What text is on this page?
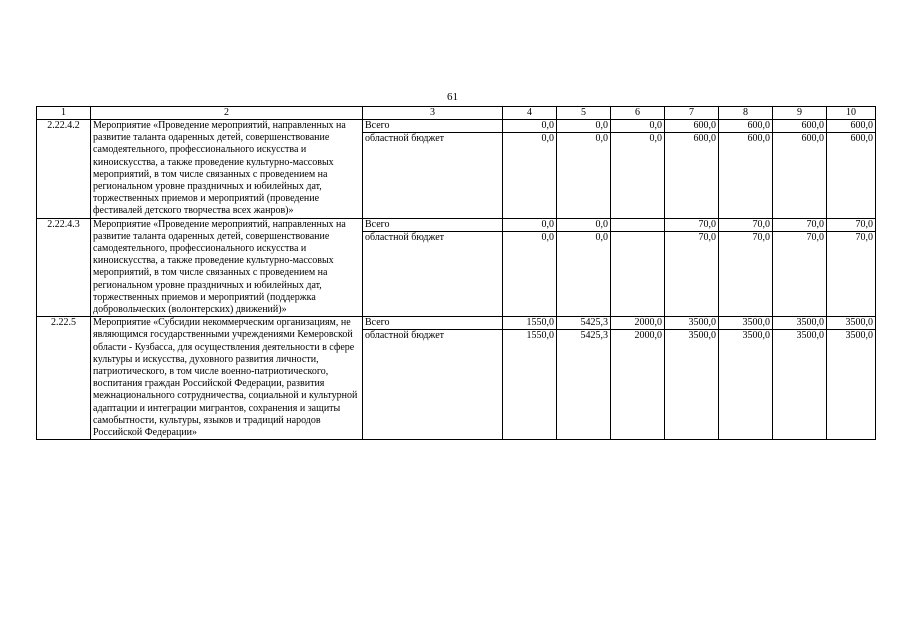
61
1	2	3	4	5	6	7	8	9	10
2.22.4.2	Мероприятие «Проведение мероприятий, направленных на развитие таланта одаренных детей, совершенствование самодеятельного, профессионального искусства и киноискусства, а также проведение культурно-массовых мероприятий, в том числе связанных с проведением на региональном уровне праздничных и юбилейных дат, торжественных приемов и мероприятий (проведение фестивалей детского творчества всех жанров)»	Всего	0,0	0,0	0,0	600,0	600,0	600,0	600,0
		областной бюджет	0,0	0,0	0,0	600,0	600,0	600,0	600,0
2.22.4.3	Мероприятие «Проведение мероприятий, направленных на развитие таланта одаренных детей, совершенствование самодеятельного, профессионального искусства и киноискусства, а также проведение культурно-массовых мероприятий, в том числе связанных с проведением на региональном уровне праздничных и юбилейных дат, торжественных приемов и мероприятий (поддержка добровольческих (волонтерских) движений)»	Всего	0,0	0,0		70,0	70,0	70,0	70,0
		областной бюджет	0,0	0,0		70,0	70,0	70,0	70,0
2.22.5	Мероприятие «Субсидии некоммерческим организациям, не являющимся государственными учреждениями Кемеровской области - Кузбасса, для осуществления деятельности в сфере культуры и искусства, духовного развития личности, патриотического, в том числе военно-патриотического, воспитания граждан Российской Федерации, развития межнационального сотрудничества, социальной и культурной адаптации и интеграции мигрантов, сохранения и защиты самобытности, культуры, языков и традиций народов Российской Федерации»	Всего	1550,0	5425,3	2000,0	3500,0	3500,0	3500,0	3500,0
		областной бюджет	1550,0	5425,3	2000,0	3500,0	3500,0	3500,0	3500,0
